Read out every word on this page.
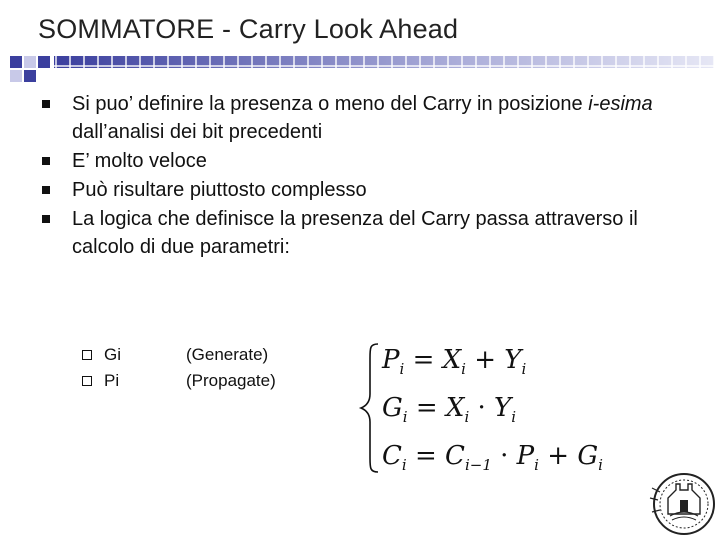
SOMMATORE - Carry Look Ahead
Si puo’ definire la presenza o meno del Carry in posizione i-esima dall’analisi dei bit precedenti
E’ molto veloce
Può risultare piuttosto complesso
La logica che definisce la presenza del Carry passa attraverso il calcolo di due parametri:
Gi	(Generate)
Pi	(Propagate)
$P_i = X_i + Y_i$
$G_i = X_i \cdot Y_i$
$C_i = C_{i-1} \cdot P_i + G_i$
